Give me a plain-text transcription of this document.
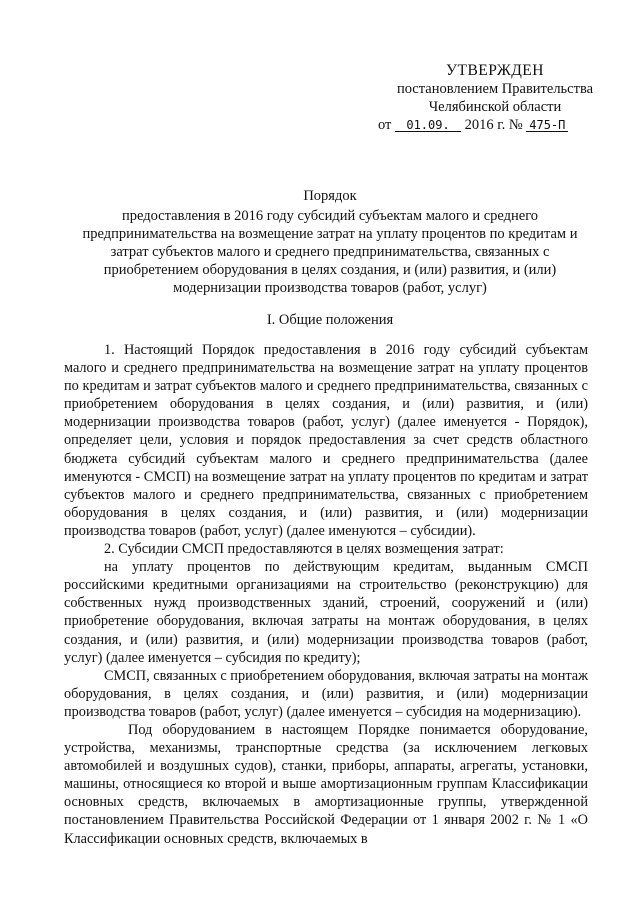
УТВЕРЖДЕН
постановлением Правительства
Челябинской области
от 01.09. 2016 г. № 475-П
Порядок
предоставления в 2016 году субсидий субъектам малого и среднего
предпринимательства на возмещение затрат на уплату процентов по кредитам и
затрат субъектов малого и среднего предпринимательства, связанных с
приобретением оборудования в целях создания, и (или) развития, и (или)
модернизации производства товаров (работ, услуг)
I. Общие положения

1. Настоящий Порядок предоставления в 2016 году субсидий субъектам малого и среднего предпринимательства на возмещение затрат на уплату процентов по кредитам и затрат субъектов малого и среднего предпринимательства, связанных с приобретением оборудования в целях создания, и (или) развития, и (или) модернизации производства товаров (работ, услуг) (далее именуется - Порядок), определяет цели, условия и порядок предоставления за счет средств областного бюджета субсидий субъектам малого и среднего предпринимательства (далее именуются - СМСП) на возмещение затрат на уплату процентов по кредитам и затрат субъектов малого и среднего предпринимательства, связанных с приобретением оборудования в целях создания, и (или) развития, и (или) модернизации производства товаров (работ, услуг) (далее именуются – субсидии).

2. Субсидии СМСП предоставляются в целях возмещения затрат:

на уплату процентов по действующим кредитам, выданным СМСП российскими кредитными организациями на строительство (реконструкцию) для собственных нужд производственных зданий, строений, сооружений и (или) приобретение оборудования, включая затраты на монтаж оборудования, в целях создания, и (или) развития, и (или) модернизации производства товаров (работ, услуг) (далее именуется – субсидия по кредиту);

СМСП, связанных с приобретением оборудования, включая затраты на монтаж оборудования, в целях создания, и (или) развития, и (или) модернизации производства товаров (работ, услуг) (далее именуется – субсидия на модернизацию).

Под оборудованием в настоящем Порядке понимается оборудование, устройства, механизмы, транспортные средства (за исключением легковых автомобилей и воздушных судов), станки, приборы, аппараты, агрегаты, установки, машины, относящиеся ко второй и выше амортизационным группам Классификации основных средств, включаемых в амортизационные группы, утвержденной постановлением Правительства Российской Федерации от 1 января 2002 г. № 1 «О Классификации основных средств, включаемых в
